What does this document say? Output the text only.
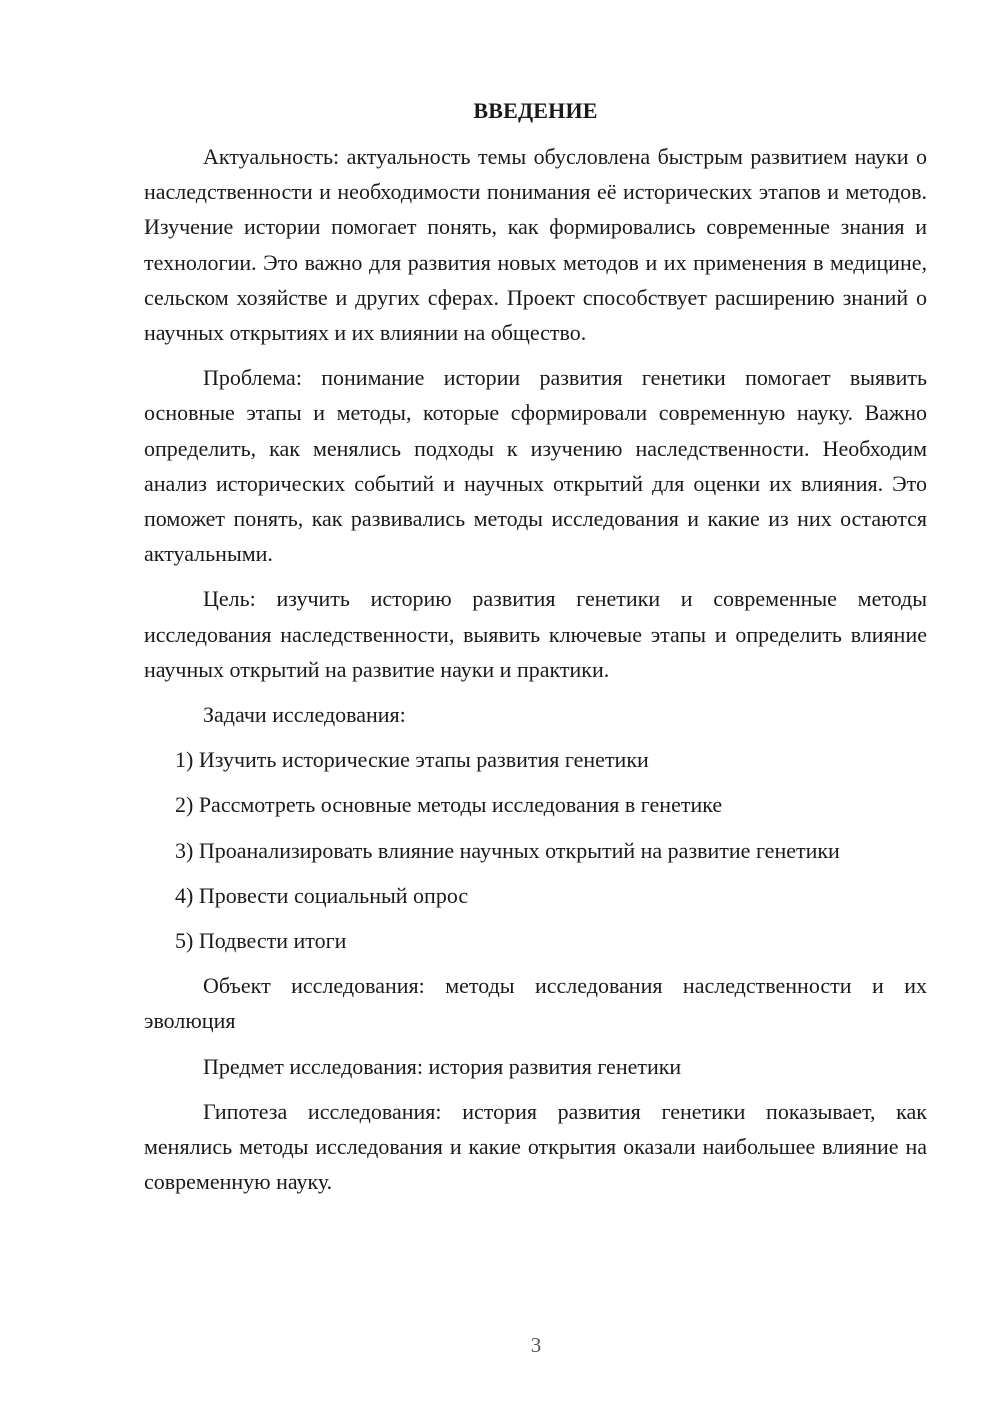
ВВЕДЕНИЕ

Актуальность: актуальность темы обусловлена быстрым развитием науки о наследственности и необходимости понимания её исторических этапов и методов. Изучение истории помогает понять, как формировались современные знания и технологии. Это важно для развития новых методов и их применения в медицине, сельском хозяйстве и других сферах. Проект способствует расширению знаний о научных открытиях и их влиянии на общество.

Проблема: понимание истории развития генетики помогает выявить основные этапы и методы, которые сформировали современную науку. Важно определить, как менялись подходы к изучению наследственности. Необходим анализ исторических событий и научных открытий для оценки их влияния. Это поможет понять, как развивались методы исследования и какие из них остаются актуальными.

Цель: изучить историю развития генетики и современные методы исследования наследственности, выявить ключевые этапы и определить влияние научных открытий на развитие науки и практики.

Задачи исследования:

1) Изучить исторические этапы развития генетики

2) Рассмотреть основные методы исследования в генетике

3) Проанализировать влияние научных открытий на развитие генетики

4) Провести социальный опрос

5) Подвести итоги

Объект исследования: методы исследования наследственности и их эволюция

Предмет исследования: история развития генетики

Гипотеза исследования: история развития генетики показывает, как менялись методы исследования и какие открытия оказали наибольшее влияние на современную науку.

3
